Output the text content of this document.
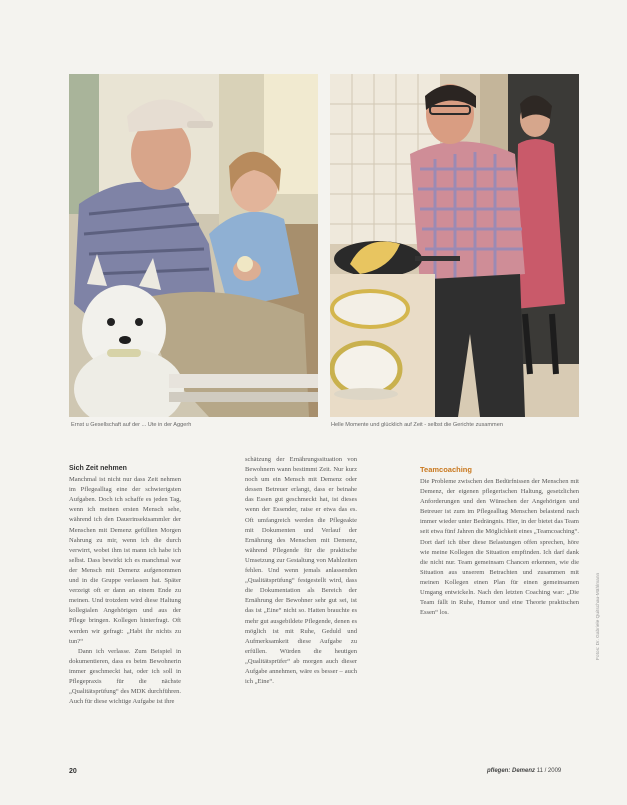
Ernst u Gesellschaft auf der ... Ute in der Aggerh	Helle Momente und glücklich auf Zeit - selbst die Gerichte zusammen
Sich Zeit nehmen

Manchmal ist nicht nur dass Zeit nehmen im Pflegealltag eine der schwierigsten Aufgaben. Doch ich schaffe es jeden Tag, wenn ich meinen ersten Mensch sehe, während ich den Dauerinsektsammler der Menschen mit Demenz gefüllten Morgen Nahrung zu mir, wenn ich die durch verwirrt, wobei ihm ist mann ich habe ich selbst. Dass bewirkt ich es manchmal war der Mensch mit Demenz aufgenommen und in die Gruppe verlassen hat. Später verzeigt oft er dann an einem Ende zu meinen. Und trotzdem wird diese Haltung kollegialen Angehörigen und aus der Pflege bringen. Kollegen hinterfragt. Oft werden wir gefragt: „Habt ihr nichts zu tun?“

Dann ich verlasse. Zum Beispiel in dokumentieren, dass es beim Bewohnerin immer geschmeckt hat, oder ich soll in Pflegepraxis für die nächste „Qualitätsprüfung“ des MDK durchführen. Auch für diese wichtige Aufgabe ist ihre

schätzung der Ernährungssituation von Bewohnern wann bestimmt Zeit. Nur kurz noch um ein Mensch mit Demenz oder dessen Betreuer erlangt, dass er beinahe das Essen gut geschmeckt hat, ist dieses wenn der Essender, raise er etwa das es. Oft umfangreich werden die Pflegeakte mit Dokumenten und Verlauf der Ernährung des Menschen mit Demenz, während Pflegende für die praktische Umsetzung zur Gestaltung von Mahlzeiten fehlen. Und wenn jemals anlassenden „Qualitätsprüfung“ festgestellt wird, dass die Dokumentation als Bereich der Ernährung der Bewohner sehr gut sei, ist das ist „Eine“ nicht so. Hatten brauchte es mehr gut ausgebildete Pflegende, denen es möglich ist mit Ruhe, Geduld und Aufmerksamkeit diese Aufgabe zu erfüllen. Würden die heutigen „Qualitätsprüfer“ ab morgen auch dieser Aufgabe annehmen, wäre es besser – auch ich „Eine“.

Teamcoaching

Die Probleme zwischen den Bedürfnissen der Menschen mit Demenz, der eigenen pflegerischen Haltung, gesetzlichen Anforderungen und den Wünschen der Angehörigen und Betreuer ist zum im Pflegealltag Menschen belastend nach immer wieder unter Bedrängnis. Hier, in der bietet das Team seit etwa fünf Jahren die Möglichkeit eines „Teamcoaching“. Dort darf ich über diese Belastungen offen sprechen, höre wie meine Kollegen die Situation empfinden. Ich darf dank die nicht nur. Team gemeinsam Chancen erkennen, wie die Situation aus unserem Betrachten und zusammen mit meinen Kollegen einen Plan für einen gemeinsamen Umgang entwickeln. Nach den letzten Coaching war: „Die Team fällt in Ruhe, Humor und eine Theorie praktischen Essen“ los.

20	pflegen: Demenz 11 / 2009
Fotos: Dr. Gabriele Quitschau-Mählmann
